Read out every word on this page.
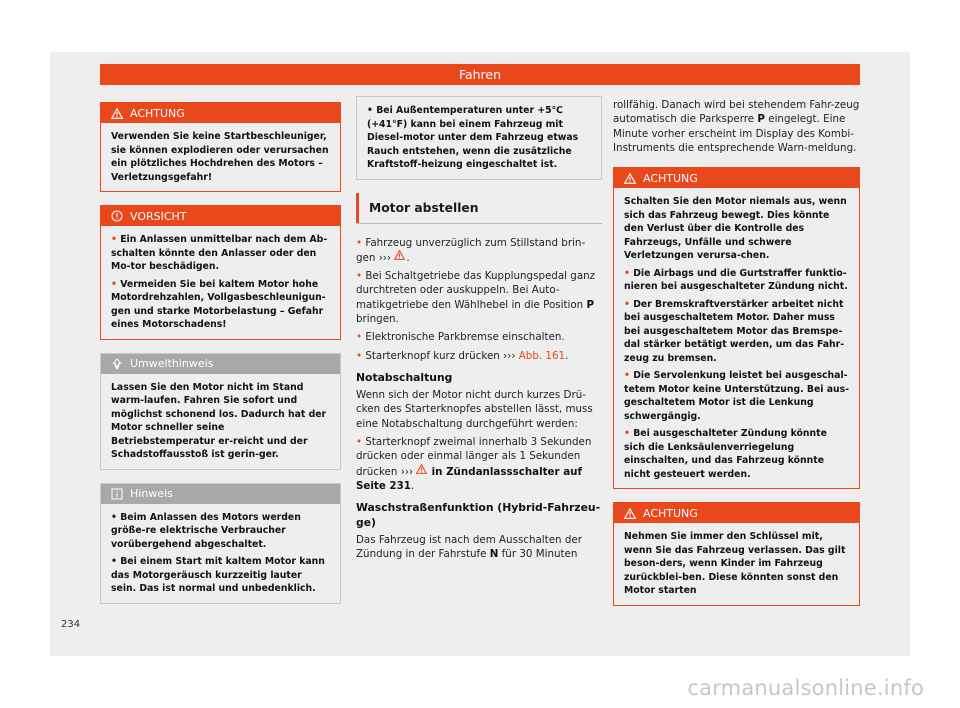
Fahren
ACHTUNG

Verwenden Sie keine Startbeschleuniger, sie können explodieren oder verursachen ein plötzliches Hochdrehen des Motors – Verletzungsgefahr!

VORSICHT

• Ein Anlassen unmittelbar nach dem Ab-schalten könnte den Anlasser oder den Mo-tor beschädigen.

• Vermeiden Sie bei kaltem Motor hohe Motordrehzahlen, Vollgasbeschleunigun-gen und starke Motorbelastung – Gefahr eines Motorschadens!

Umwelthinweis

Lassen Sie den Motor nicht im Stand warm-laufen. Fahren Sie sofort und möglichst schonend los. Dadurch hat der Motor schneller seine Betriebstemperatur er-reicht und der Schadstoffausstoß ist gerin-ger.

Hinweis

• Beim Anlassen des Motors werden größe-re elektrische Verbraucher vorübergehend abgeschaltet.

• Bei einem Start mit kaltem Motor kann das Motorgeräusch kurzzeitig lauter sein. Das ist normal und unbedenklich.

• Bei Außentemperaturen unter +5℃ (+41°F) kann bei einem Fahrzeug mit Diesel-motor unter dem Fahrzeug etwas Rauch entstehen, wenn die zusätzliche Kraftstoff-heizung eingeschaltet ist.

Motor abstellen

• Fahrzeug unverzüglich zum Stillstand brin-gen ››› .

• Bei Schaltgetriebe das Kupplungspedal ganz durchtreten oder auskuppeln. Bei Auto-matikgetriebe den Wählhebel in die Position P bringen.

• Elektronische Parkbremse einschalten.

• Starterknopf kurz drücken ››› Abb. 161.

Notabschaltung

Wenn sich der Motor nicht durch kurzes Drü-cken des Starterknopfes abstellen lässt, muss eine Notabschaltung durchgeführt werden:

• Starterknopf zweimal innerhalb 3 Sekunden drücken oder einmal länger als 1 Sekunden drücken ››› in Zündanlassschalter auf Seite 231.

Waschstraßenfunktion (Hybrid-Fahrzeu-ge)

Das Fahrzeug ist nach dem Ausschalten der Zündung in der Fahrstufe N für 30 Minuten

rollfähig. Danach wird bei stehendem Fahr-zeug automatisch die Parksperre P eingelegt. Eine Minute vorher erscheint im Display des Kombi-Instruments die entsprechende Warn-meldung.

ACHTUNG

Schalten Sie den Motor niemals aus, wenn sich das Fahrzeug bewegt. Dies könnte den Verlust über die Kontrolle des Fahrzeugs, Unfälle und schwere Verletzungen verursa-chen.

• Die Airbags und die Gurtstraffer funktio-nieren bei ausgeschalteter Zündung nicht.

• Der Bremskraftverstärker arbeitet nicht bei ausgeschaltetem Motor. Daher muss bei ausgeschaltetem Motor das Bremspe-dal stärker betätigt werden, um das Fahr-zeug zu bremsen.

• Die Servolenkung leistet bei ausgeschal-tetem Motor keine Unterstützung. Bei aus-geschaltetem Motor ist die Lenkung schwergängig.

• Bei ausgeschalteter Zündung könnte sich die Lenksäulenverriegelung einschalten, und das Fahrzeug könnte nicht gesteuert werden.

ACHTUNG

Nehmen Sie immer den Schlüssel mit, wenn Sie das Fahrzeug verlassen. Das gilt beson-ders, wenn Kinder im Fahrzeug zurückblei-ben. Diese könnten sonst den Motor starten

234
carmanualsonline.info
